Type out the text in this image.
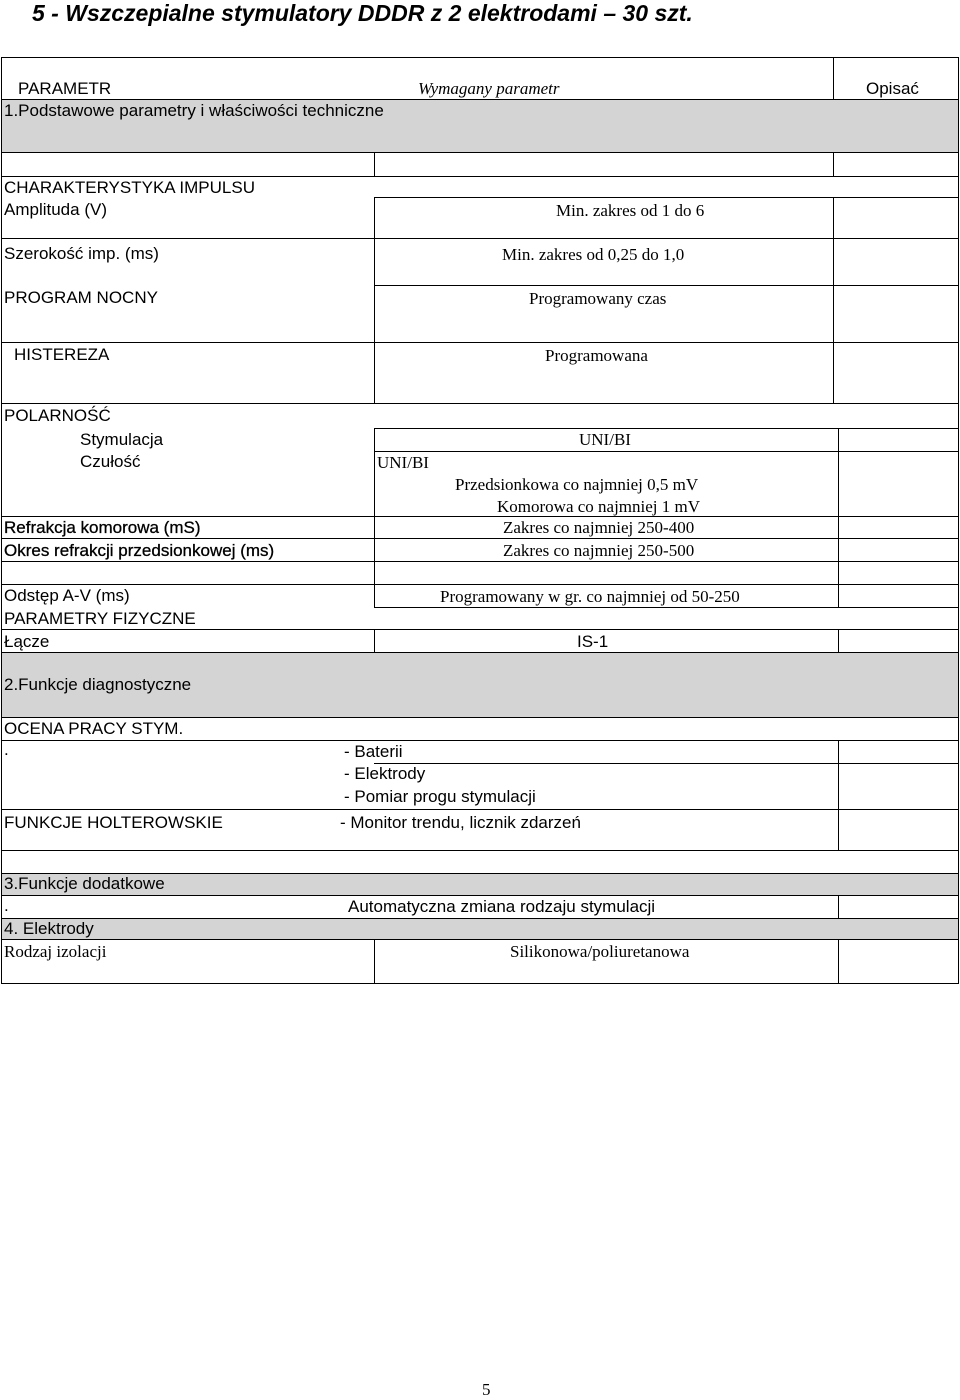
5 - Wszczepialne stymulatory DDDR z 2 elektrodami – 30 szt.
PARAMETR	Wymagany parametr	Opisać
1.Podstawowe parametry i właściwości techniczne
CHARAKTERYSTYKA IMPULSU
Amplituda (V)	Min. zakres od 1 do 6
Szerokość imp. (ms)	Min. zakres od 0,25 do 1,0
PROGRAM NOCNY	Programowany czas
HISTEREZA	Programowana
POLARNOŚĆ
Stymulacja	UNI/BI
Czułość	UNI/BI
Przedsionkowa co najmniej 0,5 mV
Komorowa co najmniej 1 mV
Refrakcja komorowa (mS)	Zakres co najmniej 250-400
Okres refrakcji przedsionkowej (ms)	Zakres co najmniej 250-500
Odstęp A-V (ms)	Programowany w gr. co najmniej od 50-250
PARAMETRY FIZYCZNE
Łącze	IS-1
2.Funkcje diagnostyczne
OCENA PRACY STYM.
.	- Baterii
- Elektrody
- Pomiar progu stymulacji
FUNKCJE HOLTEROWSKIE	- Monitor trendu, licznik zdarzeń
3.Funkcje dodatkowe
.	Automatyczna zmiana rodzaju stymulacji
4. Elektrody
Rodzaj izolacji	Silikonowa/poliuretanowa
5
